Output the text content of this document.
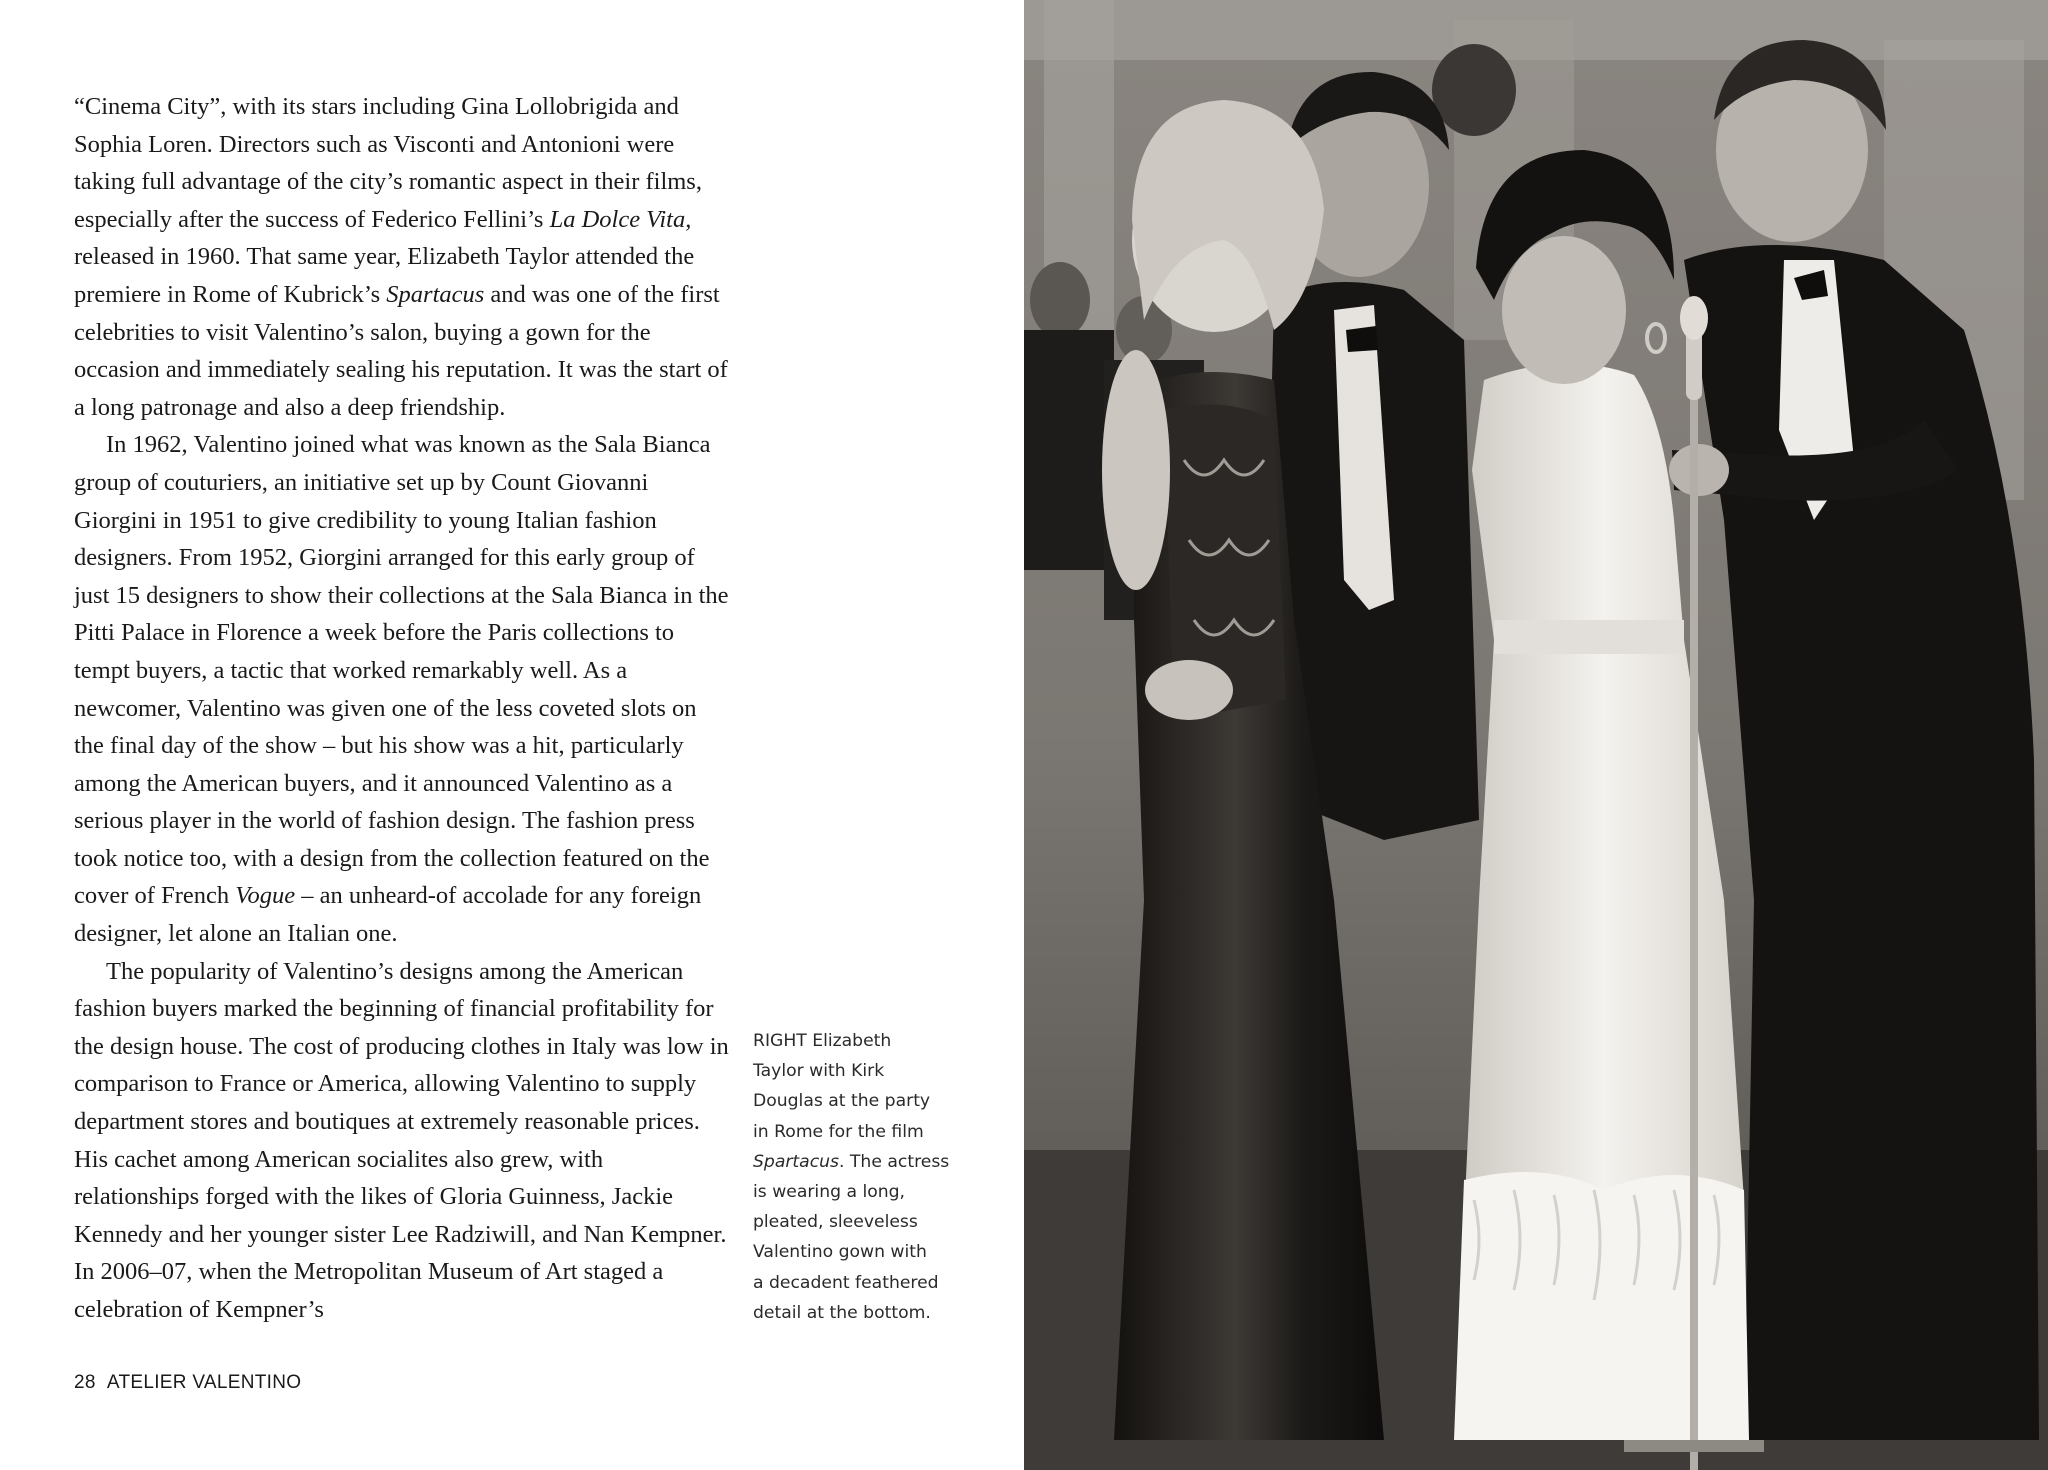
“Cinema City”, with its stars including Gina Lollobrigida and Sophia Loren. Directors such as Visconti and Antonioni were taking full advantage of the city’s romantic aspect in their films, especially after the success of Federico Fellini’s La Dolce Vita, released in 1960. That same year, Elizabeth Taylor attended the premiere in Rome of Kubrick’s Spartacus and was one of the first celebrities to visit Valentino’s salon, buying a gown for the occasion and immediately sealing his reputation. It was the start of a long patronage and also a deep friendship.

In 1962, Valentino joined what was known as the Sala Bianca group of couturiers, an initiative set up by Count Giovanni Giorgini in 1951 to give credibility to young Italian fashion designers. From 1952, Giorgini arranged for this early group of just 15 designers to show their collections at the Sala Bianca in the Pitti Palace in Florence a week before the Paris collections to tempt buyers, a tactic that worked remarkably well. As a newcomer, Valentino was given one of the less coveted slots on the final day of the show – but his show was a hit, particularly among the American buyers, and it announced Valentino as a serious player in the world of fashion design. The fashion press took notice too, with a design from the collection featured on the cover of French Vogue – an unheard-of accolade for any foreign designer, let alone an Italian one.

The popularity of Valentino’s designs among the American fashion buyers marked the beginning of financial profitability for the design house. The cost of producing clothes in Italy was low in comparison to France or America, allowing Valentino to supply department stores and boutiques at extremely reasonable prices. His cachet among American socialites also grew, with relationships forged with the likes of Gloria Guinness, Jackie Kennedy and her younger sister Lee Radziwill, and Nan Kempner. In 2006–07, when the Metropolitan Museum of Art staged a celebration of Kempner’s

RIGHT Elizabeth
Taylor with Kirk
Douglas at the party
in Rome for the film
Spartacus. The actress
is wearing a long,
pleated, sleeveless
Valentino gown with
a decadent feathered
detail at the bottom.
28 ATELIER VALENTINO
